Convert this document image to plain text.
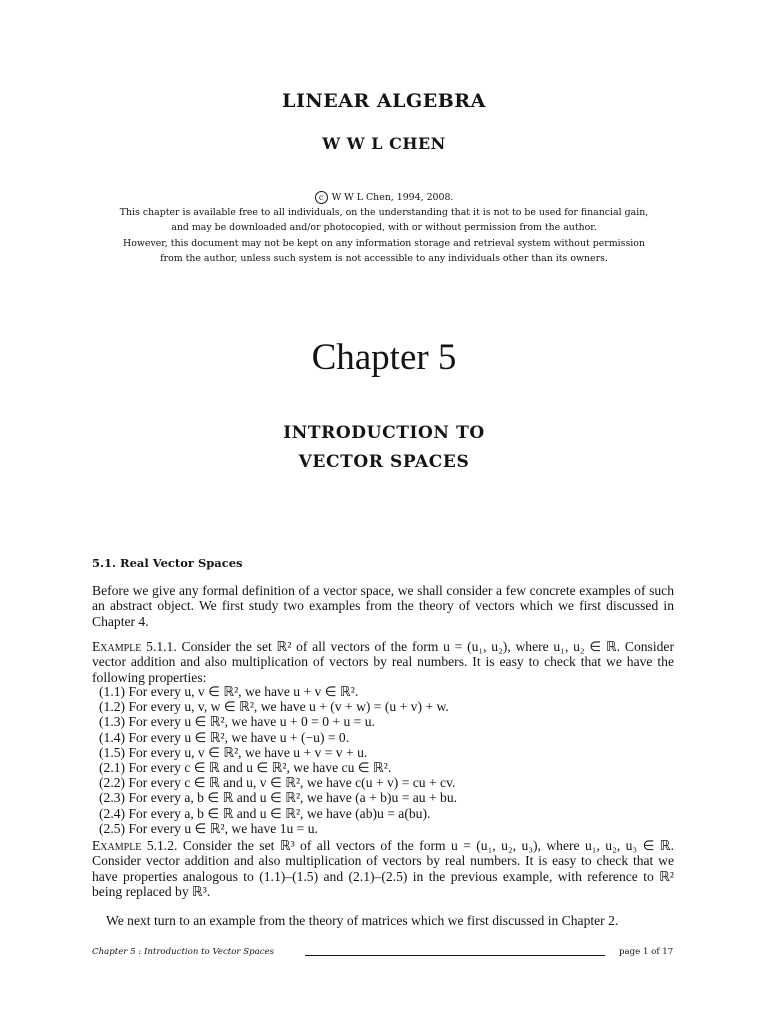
LINEAR ALGEBRA
W W L CHEN
c W W L Chen, 1994, 2008.
This chapter is available free to all individuals, on the understanding that it is not to be used for financial gain,
and may be downloaded and/or photocopied, with or without permission from the author.
However, this document may not be kept on any information storage and retrieval system without permission
from the author, unless such system is not accessible to any individuals other than its owners.
Chapter 5
INTRODUCTION TO
VECTOR SPACES
5.1. Real Vector Spaces
Before we give any formal definition of a vector space, we shall consider a few concrete examples of such an abstract object. We first study two examples from the theory of vectors which we first discussed in Chapter 4.
Example 5.1.1. Consider the set ℝ² of all vectors of the form u = (u₁, u₂), where u₁, u₂ ∈ ℝ. Consider vector addition and also multiplication of vectors by real numbers. It is easy to check that we have the following properties:
(1.1) For every u, v ∈ ℝ², we have u + v ∈ ℝ².
(1.2) For every u, v, w ∈ ℝ², we have u + (v + w) = (u + v) + w.
(1.3) For every u ∈ ℝ², we have u + 0 = 0 + u = u.
(1.4) For every u ∈ ℝ², we have u + (−u) = 0.
(1.5) For every u, v ∈ ℝ², we have u + v = v + u.
(2.1) For every c ∈ ℝ and u ∈ ℝ², we have cu ∈ ℝ².
(2.2) For every c ∈ ℝ and u, v ∈ ℝ², we have c(u + v) = cu + cv.
(2.3) For every a, b ∈ ℝ and u ∈ ℝ², we have (a + b)u = au + bu.
(2.4) For every a, b ∈ ℝ and u ∈ ℝ², we have (ab)u = a(bu).
(2.5) For every u ∈ ℝ², we have 1u = u.
Example 5.1.2. Consider the set ℝ³ of all vectors of the form u = (u₁, u₂, u₃), where u₁, u₂, u₃ ∈ ℝ. Consider vector addition and also multiplication of vectors by real numbers. It is easy to check that we have properties analogous to (1.1)–(1.5) and (2.1)–(2.5) in the previous example, with reference to ℝ² being replaced by ℝ³.
We next turn to an example from the theory of matrices which we first discussed in Chapter 2.
Chapter 5 : Introduction to Vector Spaces	page 1 of 17
